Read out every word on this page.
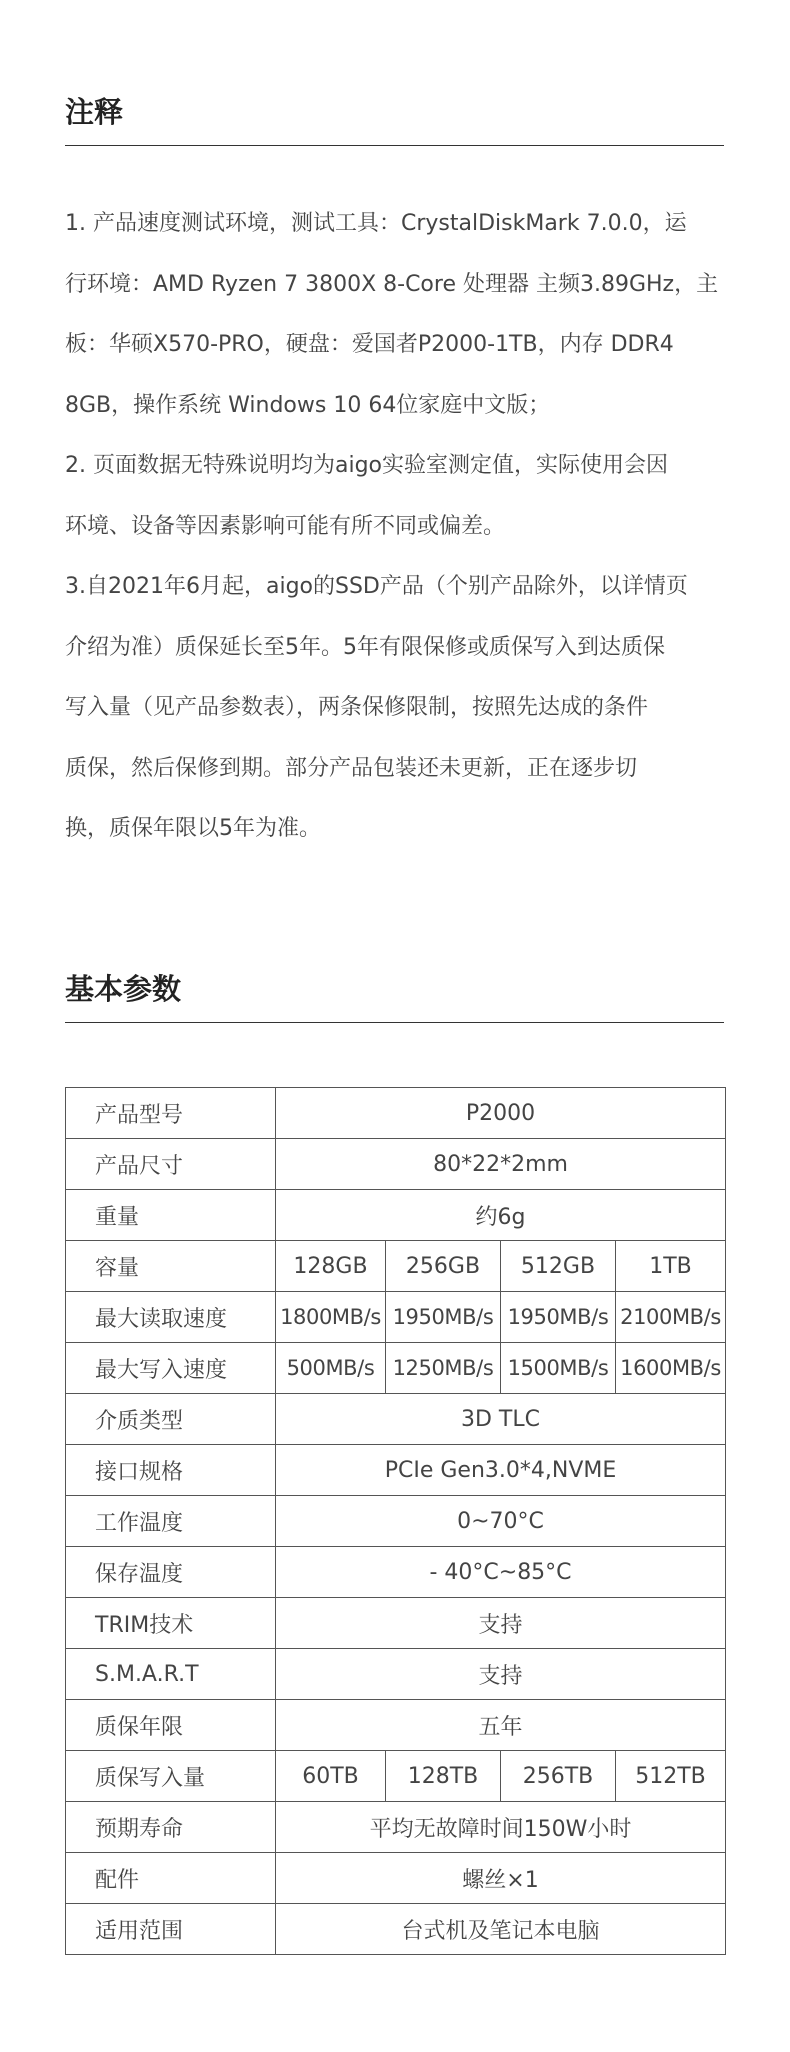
注释
1. 产品速度测试环境，测试工具：CrystalDiskMark 7.0.0，运
行环境：AMD Ryzen 7 3800X 8-Core 处理器 主频3.89GHz，主
板：华硕X570-PRO，硬盘：爱国者P2000-1TB，内存 DDR4
8GB，操作系统 Windows 10 64位家庭中文版；
2. 页面数据无特殊说明均为aigo实验室测定值，实际使用会因
环境、设备等因素影响可能有所不同或偏差。
3.自2021年6月起，aigo的SSD产品（个别产品除外，以详情页
介绍为准）质保延长至5年。5年有限保修或质保写入到达质保
写入量（见产品参数表），两条保修限制，按照先达成的条件
质保，然后保修到期。部分产品包装还未更新，正在逐步切
换，质保年限以5年为准。
基本参数
产品型号	P2000			
产品尺寸	80*22*2mm			
重量	约6g			
容量	128GB	256GB	512GB	1TB
最大读取速度	1800MB/s	1950MB/s	1950MB/s	2100MB/s
最大写入速度	500MB/s	1250MB/s	1500MB/s	1600MB/s
介质类型	3D TLC			
接口规格	PCIe Gen3.0*4,NVME			
工作温度	0~70°C			
保存温度	- 40°C~85°C			
TRIM技术	支持			
S.M.A.R.T	支持			
质保年限	五年			
质保写入量	60TB	128TB	256TB	512TB
预期寿命	平均无故障时间150W小时			
配件	螺丝×1			
适用范围	台式机及笔记本电脑			
